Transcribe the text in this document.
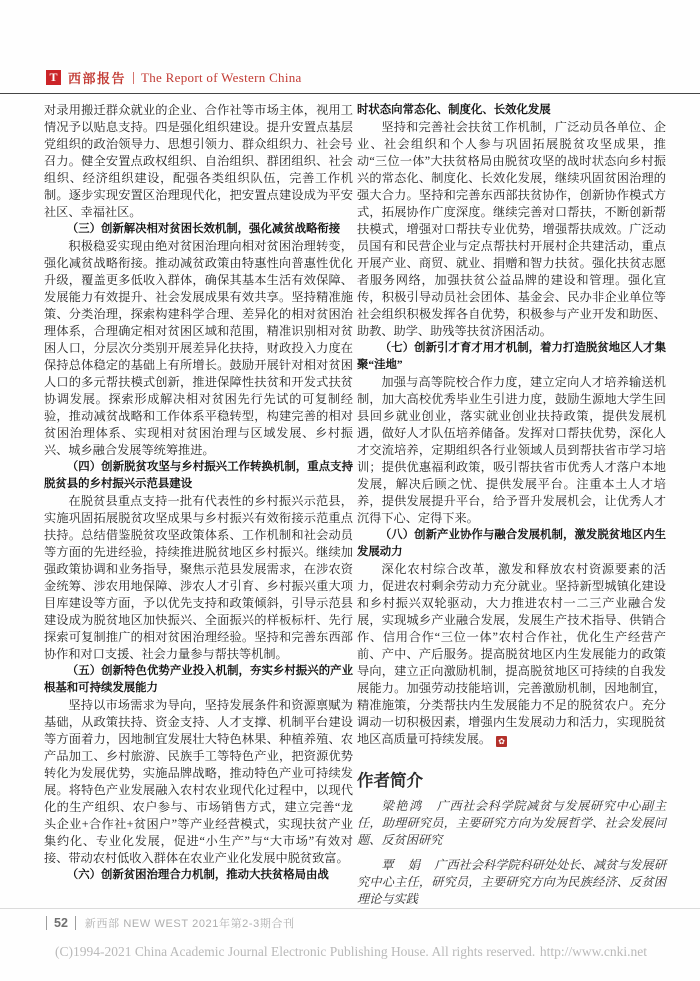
T 西部报告 The Report of Western China
对录用搬迁群众就业的企业、合作社等市场主体，视用工情况予以贴息支持。四是强化组织建设。提升安置点基层党组织的政治领导力、思想引领力、群众组织力、社会号召力。健全安置点政权组织、自治组织、群团组织、社会组织、经济组织建设，配强各类组织队伍，完善工作机制。逐步实现安置区治理现代化，把安置点建设成为平安社区、幸福社区。
（三）创新解决相对贫困长效机制，强化减贫战略衔接
积极稳妥实现由绝对贫困治理向相对贫困治理转变，强化减贫战略衔接。推动减贫政策由特惠性向普惠性优化升级，覆盖更多低收入群体，确保其基本生活有效保障、发展能力有效提升、社会发展成果有效共享。坚持精准施策、分类治理，探索构建科学合理、差异化的相对贫困治理体系，合理确定相对贫困区域和范围，精准识别相对贫困人口，分层次分类别开展差异化扶持，财政投入力度在保持总体稳定的基础上有所增长。鼓励开展针对相对贫困人口的多元帮扶模式创新，推进保障性扶贫和开发式扶贫协调发展。探索形成解决相对贫困先行先试的可复制经验，推动减贫战略和工作体系平稳转型，构建完善的相对贫困治理体系、实现相对贫困治理与区域发展、乡村振兴、城乡融合发展等统筹推进。
（四）创新脱贫攻坚与乡村振兴工作转换机制，重点支持脱贫县的乡村振兴示范县建设
在脱贫县重点支持一批有代表性的乡村振兴示范县，实施巩固拓展脱贫攻坚成果与乡村振兴有效衔接示范重点扶持。总结借鉴脱贫攻坚政策体系、工作机制和社会动员等方面的先进经验，持续推进脱贫地区乡村振兴。继续加强政策协调和业务指导，聚焦示范县发展需求，在涉农资金统筹、涉农用地保障、涉农人才引育、乡村振兴重大项目库建设等方面，予以优先支持和政策倾斜，引导示范县建设成为脱贫地区加快振兴、全面振兴的样板标杆、先行探索可复制推广的相对贫困治理经验。坚持和完善东西部协作和对口支援、社会力量参与帮扶等机制。
（五）创新特色优势产业投入机制，夯实乡村振兴的产业根基和可持续发展能力
坚持以市场需求为导向，坚持发展条件和资源禀赋为基础，从政策扶持、资金支持、人才支撑、机制平台建设等方面着力，因地制宜发展壮大特色林果、种植养殖、农产品加工、乡村旅游、民族手工等特色产业，把资源优势转化为发展优势，实施品牌战略，推动特色产业可持续发展。将特色产业发展融入农村农业现代化过程中，以现代化的生产组织、农户参与、市场销售方式，建立完善“龙头企业+合作社+贫困户”等产业经营模式，实现扶贫产业集约化、专业化发展，促进“小生产”与“大市场”有效对接、带动农村低收入群体在农业产业化发展中脱贫致富。
（六）创新贫困治理合力机制，推动大扶贫格局由战
时状态向常态化、制度化、长效化发展
坚持和完善社会扶贫工作机制，广泛动员各单位、企业、社会组织和个人参与巩固拓展脱贫攻坚成果，推动“三位一体”大扶贫格局由脱贫攻坚的战时状态向乡村振兴的常态化、制度化、长效化发展，继续巩固贫困治理的强大合力。坚持和完善东西部扶贫协作，创新协作模式方式，拓展协作广度深度。继续完善对口帮扶，不断创新帮扶模式，增强对口帮扶专业优势，增强帮扶成效。广泛动员国有和民营企业与定点帮扶村开展村企共建活动，重点开展产业、商贸、就业、捐赠和智力扶贫。强化扶贫志愿者服务网络，加强扶贫公益品牌的建设和管理。强化宣传，积极引导动员社会团体、基金会、民办非企业单位等社会组织积极发挥各自优势，积极参与产业开发和助医、助教、助学、助残等扶贫济困活动。
（七）创新引才育才用才机制，着力打造脱贫地区人才集聚“洼地”
加强与高等院校合作力度，建立定向人才培养输送机制，加大高校优秀毕业生引进力度，鼓励生源地大学生回县回乡就业创业，落实就业创业扶持政策，提供发展机遇，做好人才队伍培养储备。发挥对口帮扶优势，深化人才交流培养，定期组织各行业领域人员到帮扶省市学习培训；提供优惠福利政策，吸引帮扶省市优秀人才落户本地发展，解决后顾之忧、提供发展平台。注重本土人才培养，提供发展提升平台，给予晋升发展机会，让优秀人才沉得下心、定得下来。
（八）创新产业协作与融合发展机制，激发脱贫地区内生发展动力
深化农村综合改革，激发和释放农村资源要素的活力，促进农村剩余劳动力充分就业。坚持新型城镇化建设和乡村振兴双轮驱动，大力推进农村一二三产业融合发展，实现城乡产业融合发展，发展生产技术指导、供销合作、信用合作“三位一体”农村合作社，优化生产经营产前、产中、产后服务。提高脱贫地区内生发展能力的政策导向，建立正向激励机制，提高脱贫地区可持续的自我发展能力。加强劳动技能培训，完善激励机制，因地制宜，精准施策，分类帮扶内生发展能力不足的脱贫农户。充分调动一切积极因素，增强内生发展动力和活力，实现脱贫地区高质量可持续发展。 ✿
作者简介
梁艳鸿　广西社会科学院减贫与发展研究中心副主任，助理研究员，主要研究方向为发展哲学、社会发展问题、反贫困研究
覃　娟　广西社会科学院科研处处长、减贫与发展研究中心主任，研究员，主要研究方向为民族经济、反贫困理论与实践
52	新西部 NEW WEST 2021年第2-3期合刊
(C)1994-2021 China Academic Journal Electronic Publishing House. All rights reserved. http://www.cnki.net
